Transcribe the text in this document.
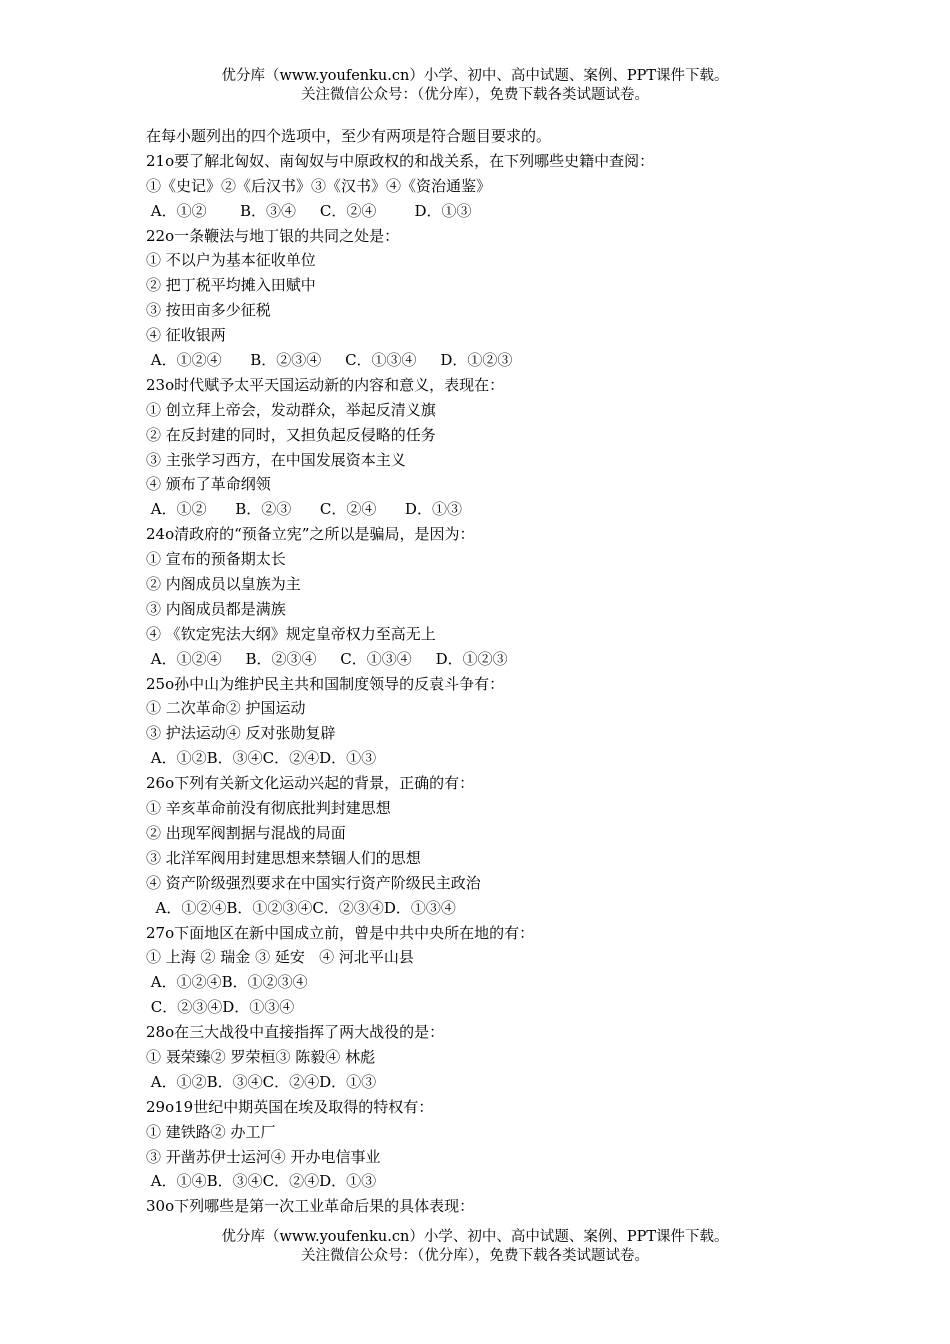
优分库（www.youfenku.cn）小学、初中、高中试题、案例、PPT课件下载。
关注微信公众号：（优分库），免费下载各类试题试卷。
在每小题列出的四个选项中，至少有两项是符合题目要求的。
21o要了解北匈奴、南匈奴与中原政权的和战关系，在下列哪些史籍中查阅：
①《史记》②《后汉书》③《汉书》④《资治通鉴》
A．①②       B．③④     C．②④        D．①③
22o一条鞭法与地丁银的共同之处是：
① 不以户为基本征收单位
② 把丁税平均摊入田赋中
③ 按田亩多少征税
④ 征收银两
A．①②④      B．②③④     C．①③④     D．①②③
23o时代赋予太平天国运动新的内容和意义，表现在：
① 创立拜上帝会，发动群众，举起反清义旗
② 在反封建的同时，又担负起反侵略的任务
③ 主张学习西方，在中国发展资本主义
④ 颁布了革命纲领
A．①②      B．②③      C．②④      D．①③
24o清政府的“预备立宪”之所以是骗局，是因为：
① 宣布的预备期太长
② 内阁成员以皇族为主
③ 内阁成员都是满族
④ 《钦定宪法大纲》规定皇帝权力至高无上
A．①②④     B．②③④     C．①③④     D．①②③
25o孙中山为维护民主共和国制度领导的反袁斗争有：
① 二次革命② 护国运动
③ 护法运动④ 反对张勋复辟
A．①②B．③④C．②④D．①③
26o下列有关新文化运动兴起的背景，正确的有：
① 辛亥革命前没有彻底批判封建思想
② 出现军阀割据与混战的局面
③ 北洋军阀用封建思想来禁锢人们的思想
④ 资产阶级强烈要求在中国实行资产阶级民主政治
A．①②④B．①②③④C．②③④D．①③④
27o下面地区在新中国成立前，曾是中共中央所在地的有：
① 上海 ② 瑞金 ③ 延安   ④ 河北平山县
A．①②④B．①②③④
C．②③④D．①③④
28o在三大战役中直接指挥了两大战役的是：
① 聂荣臻② 罗荣桓③ 陈毅④ 林彪
A．①②B．③④C．②④D．①③
29o19世纪中期英国在埃及取得的特权有：
① 建铁路② 办工厂
③ 开凿苏伊士运河④ 开办电信事业
A．①④B．③④C．②④D．①③
30o下列哪些是第一次工业革命后果的具体表现：
优分库（www.youfenku.cn）小学、初中、高中试题、案例、PPT课件下载。
关注微信公众号：（优分库），免费下载各类试题试卷。
